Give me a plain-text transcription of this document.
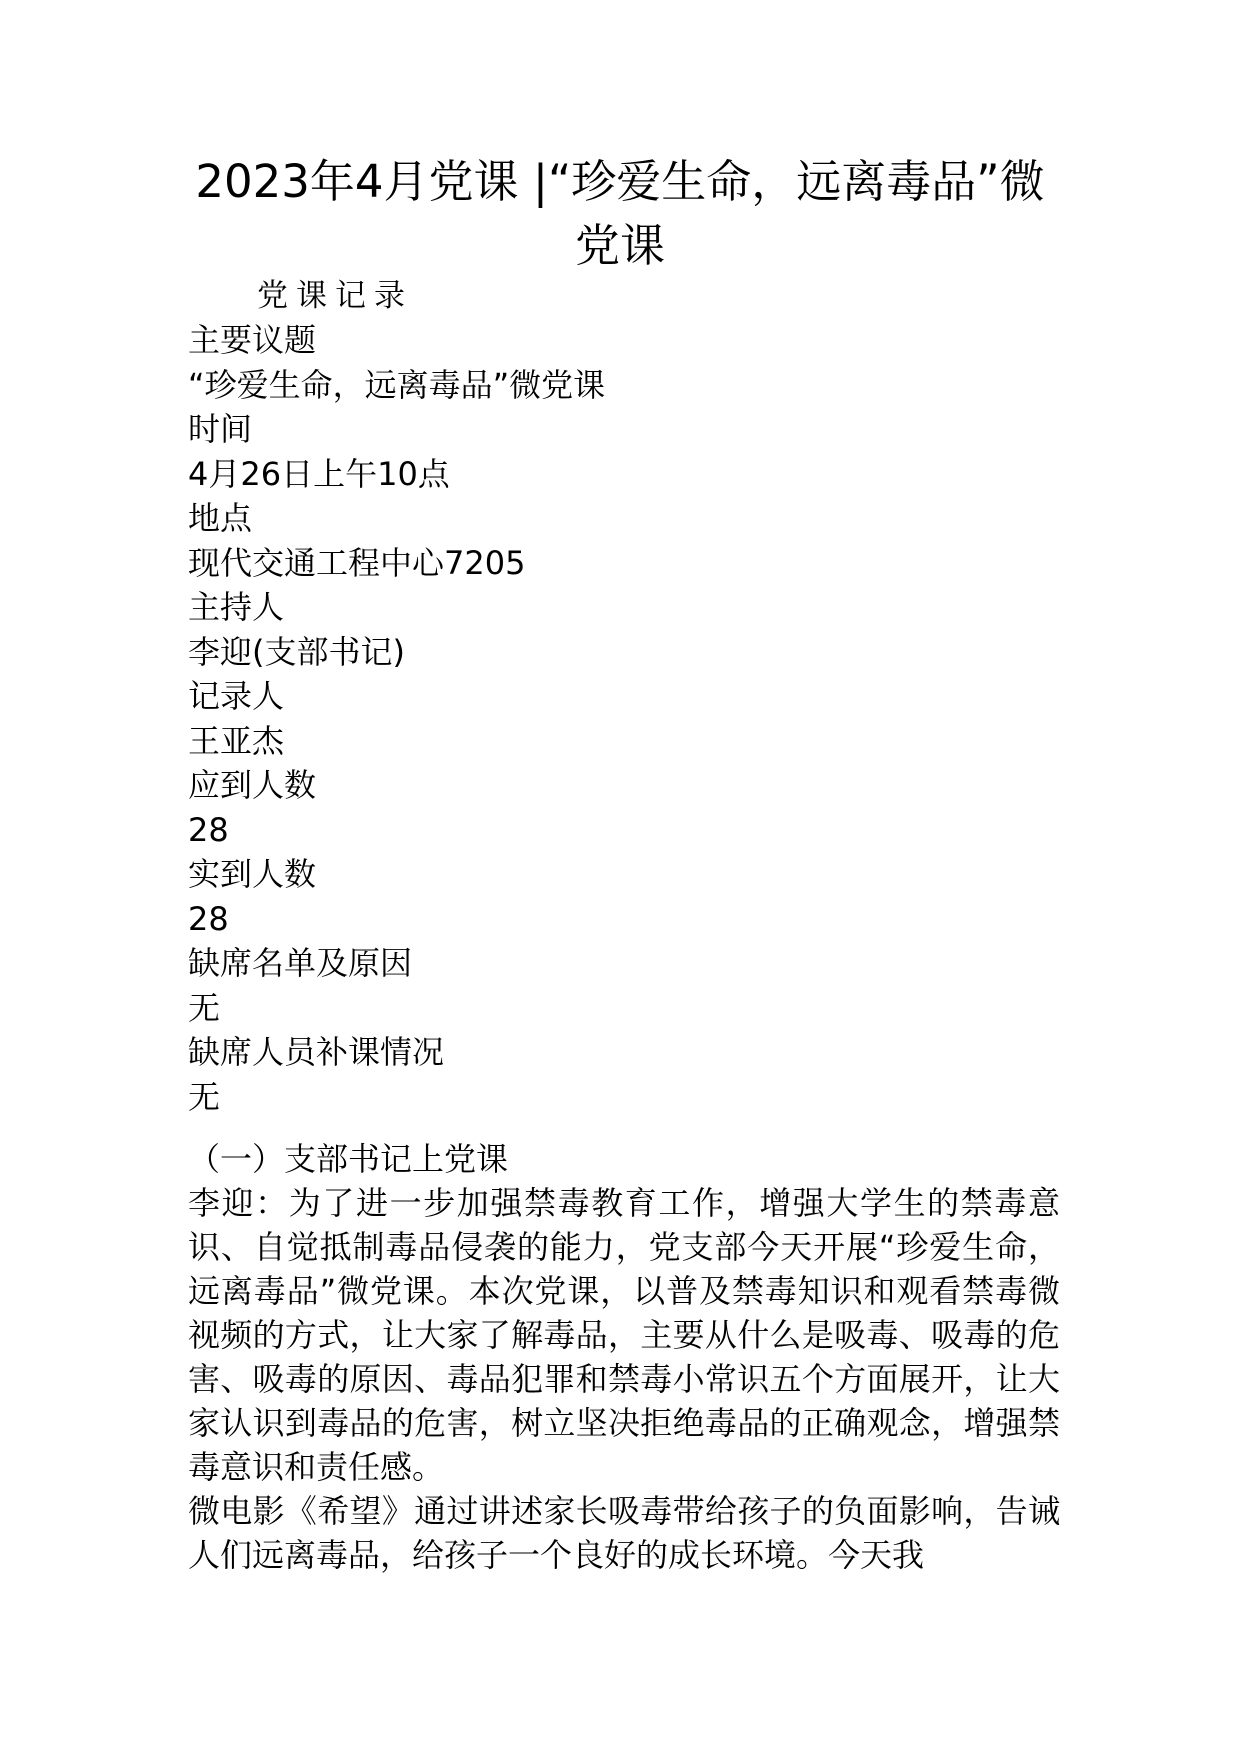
2023年4月党课 |“珍爱生命，远离毒品”微党课
党课记录
主要议题
“珍爱生命，远离毒品”微党课
时间
4月26日上午10点
地点
现代交通工程中心7205
主持人
李迎(支部书记)
记录人
王亚杰
应到人数
28
实到人数
28
缺席名单及原因
无
缺席人员补课情况
无
（一）支部书记上党课

李迎：为了进一步加强禁毒教育工作，增强大学生的禁毒意识、自觉抵制毒品侵袭的能力，党支部今天开展“珍爱生命，远离毒品”微党课。本次党课，以普及禁毒知识和观看禁毒微视频的方式，让大家了解毒品，主要从什么是吸毒、吸毒的危害、吸毒的原因、毒品犯罪和禁毒小常识五个方面展开，让大家认识到毒品的危害，树立坚决拒绝毒品的正确观念，增强禁毒意识和责任感。

微电影《希望》通过讲述家长吸毒带给孩子的负面影响，告诫人们远离毒品，给孩子一个良好的成长环境。今天我
